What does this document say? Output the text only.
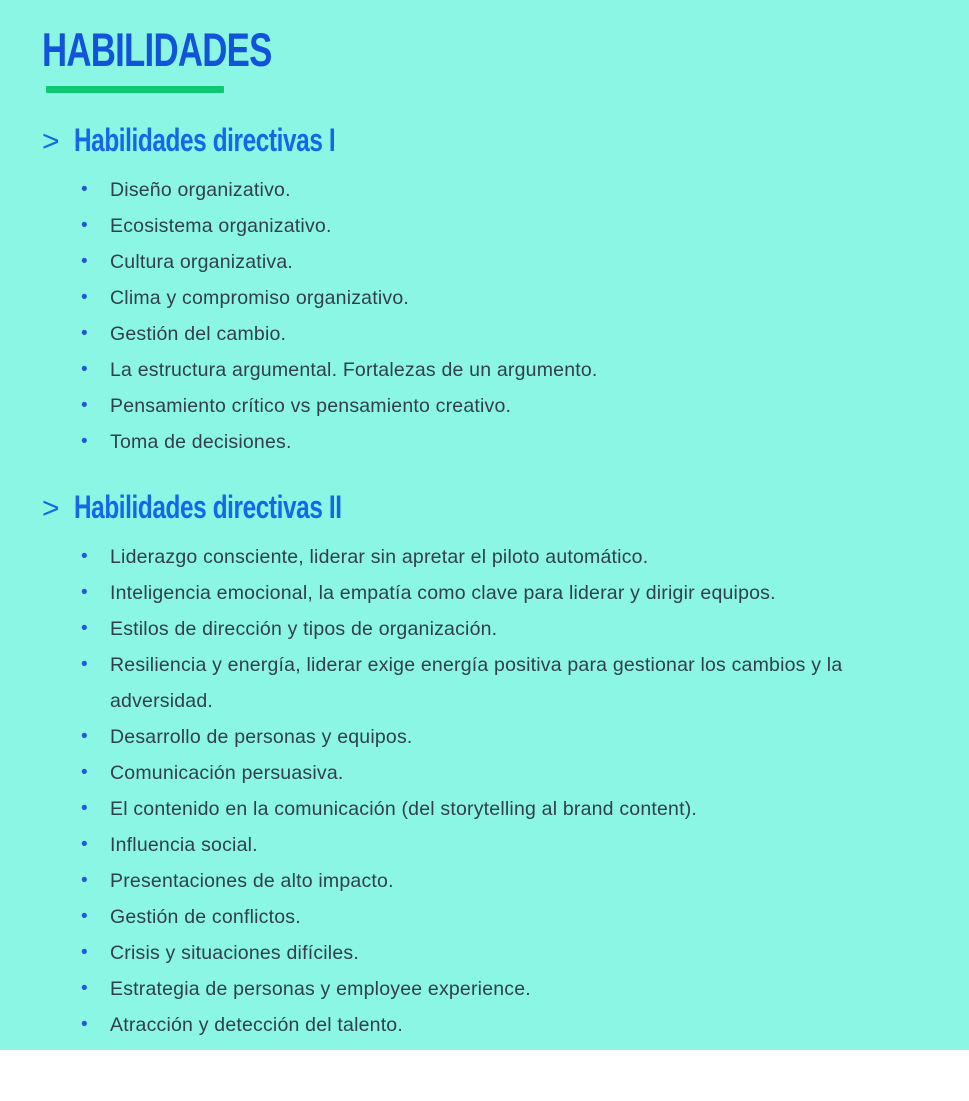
HABILIDADES
> Habilidades directivas I
• Diseño organizativo.
• Ecosistema organizativo.
• Cultura organizativa.
• Clima y compromiso organizativo.
• Gestión del cambio.
• La estructura argumental. Fortalezas de un argumento.
• Pensamiento crítico vs pensamiento creativo.
• Toma de decisiones.
> Habilidades directivas II
• Liderazgo consciente, liderar sin apretar el piloto automático.
• Inteligencia emocional, la empatía como clave para liderar y dirigir equipos.
• Estilos de dirección y tipos de organización.
• Resiliencia y energía, liderar exige energía positiva para gestionar los cambios y la adversidad.
• Desarrollo de personas y equipos.
• Comunicación persuasiva.
• El contenido en la comunicación (del storytelling al brand content).
• Influencia social.
• Presentaciones de alto impacto.
• Gestión de conflictos.
• Crisis y situaciones difíciles.
• Estrategia de personas y employee experience.
• Atracción y detección del talento.
